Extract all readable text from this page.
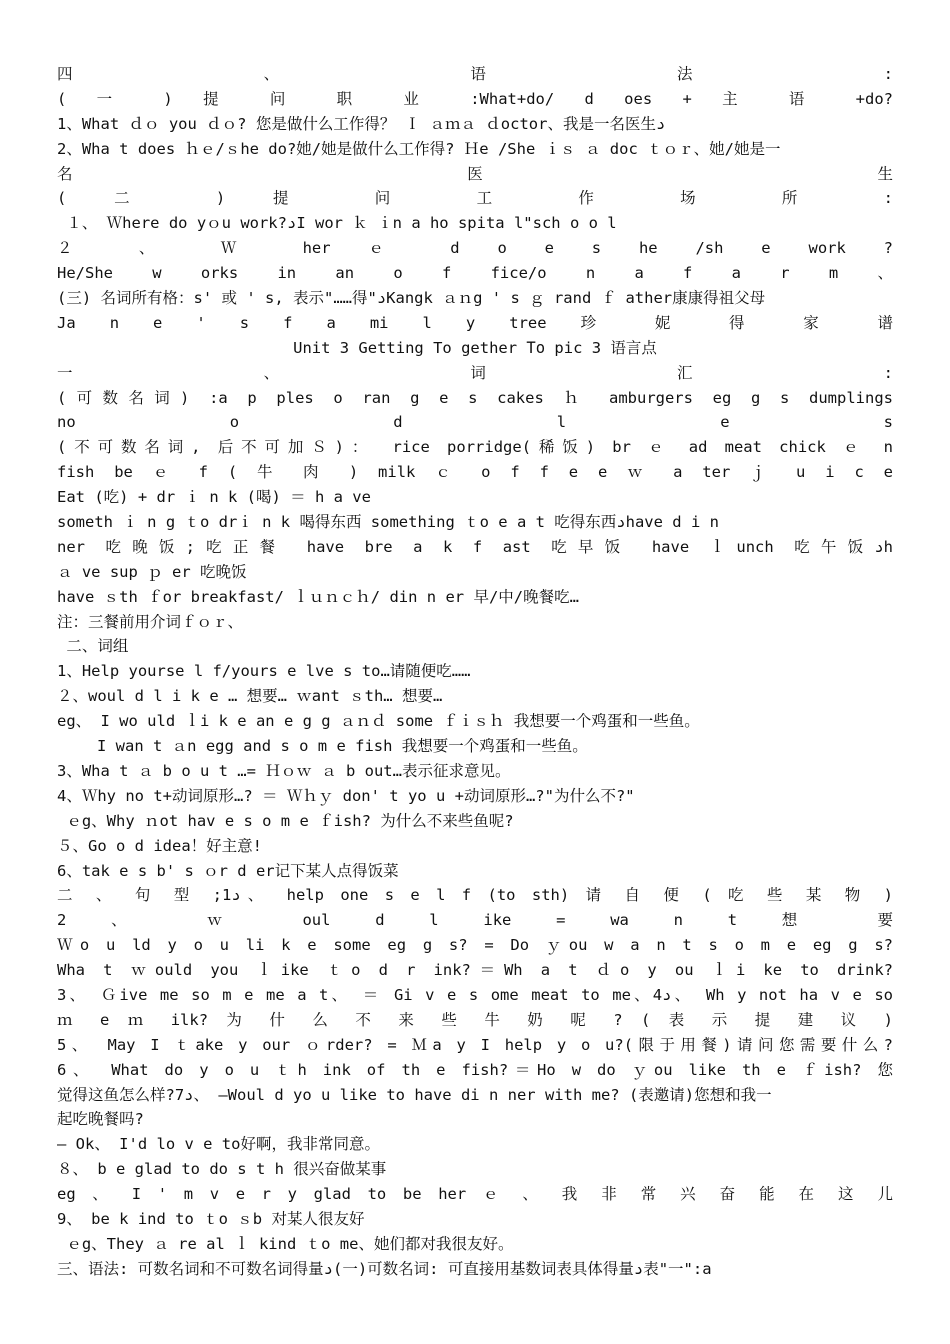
四 、 语 法 :
( 一 ) 提 问 职 业 :What+do/ d oes + 主 语 +do?
1、What ｄｏ you ｄｏ? 您是做什么工作得？ Ｉ ａｍａ ｄoctor、我是一名医生ﺩ
2、Wha t does ｈｅ/ｓhe do?她/她是做什么工作得? Ｈe /She ｉｓ ａ doc ｔｏｒ、她/她是一
名 医 生
( 二 ) 提 问 工 作 场 所 :
１、 Ｗhere do yｏu work?ﺩI wor ｋ ｉn a ho spita l"sch o o l
２ 、 Ｗ her ｅ d o e s he /sh e work ?
He/She w orks in an o f fice/o n a f a r m 、
(三) 名词所有格：s' 或 ' s, 表示"……得"ﺩKangk ａｎg ' s ｇ rand ｆ ather康康得祖父母
Ja n e ' s f a mi l y tree 珍 妮 得 家 谱
Unit 3 Getting To gether Το pic 3 语言点
一 、 词 汇 :
(可数名词) :a p ples o ran g e s cakes ｈ amburgers eg g s dumplings
no o d l e s
(不可数名词, 后不可加Ｓ)： rice porridge(稀饭) br ｅ ad meat chick ｅ n
fish be ｅ f ( 牛 肉 ) milk ｃ o f f e e ｗ a ter ｊ u i c e
Eat (吃) + dr ｉ n k (喝) ＝ h a ve
someth ｉ n g ｔo drｉ n k 喝得东西 something ｔo e a t 吃得东西ﺩhave d i n
ner 吃晚饭;吃正餐 have bre a k f ast 吃早饭 have ｌunch 吃午饭ﺩh
ａ ve sup ｐ er 吃晚饭
have ｓth ｆor breakfast/ ｌｕｎｃｈ/ din n er 早/中/晚餐吃…
注：三餐前用介词ｆｏｒ、
二、词组
1、Help yourse l f/yours e lve s to…请随便吃……
２、woul d l i k e … 想要… ｗant ｓth… 想要…
eg、 I wo uld ｌi k e an e g g ａｎｄ some ｆｉｓｈ 我想要一个鸡蛋和一些鱼。
I wan t ａn egg and s o m e fish 我想要一个鸡蛋和一些鱼。
3、Wha t ａ b o u t …= Ｈｏｗ ａ b out…表示征求意见。
4、Ｗhy no t+动词原形…? ＝ Ｗｈｙ don' t yo u +动词原形…?"为什么不?"
ｅg、Why ｎot hav e s o m e ｆish? 为什么不来些鱼呢?
５、Go o d idea！好主意!
6、tak e s b' s ｏr d er记下某人点得饭菜
二 、 句 型 ;1ﺩ、 help one s e l f (to sth) 请 自 便 ( 吃 些 某 物 )
2 、 ｗ oul d l ike = wa n t 想 要
Ｗo u ld y o u li k e some eg g s? = Do ｙou w a n t s o m e eg g s?
Wha t ｗould you ｌike ｔo d r ink?＝Wh a t ｄo y ou ｌi ke to drink?
3、 Ｇive me so m e me a t、 ＝ Gi v e s ome meat to me、4ﺩ、 Wh y not ha v e so
ｍ e ｍ ilk? 为 什 么 不 来 些 牛 奶 呢 ? ( 表 示 提 建 议 )
5、 May I ｔake y our ｏrder? = Ｍa y I help y o u?(限于用餐)请问您需要什么?
6、 What do y o u ｔh ink of th e fish?＝Ho w do ｙou like th e ｆish? 您
觉得这鱼怎么样?7ﺩ、 —Woul d yo u like to have di n ner with me? (表邀请)您想和我一
起吃晚餐吗?
— Ok、 I'd lo v e to好啊，我非常同意。
８、 b e glad to do s t h 很兴奋做某事
eg 、 I ' m v e r y glad to be her ｅ 、 我 非 常 兴 奋 能 在 这 儿
9、 be k ind to ｔo ｓb 对某人很友好
ｅg、They ａ re al ｌ kind ｔo me、她们都对我很友好。
三、语法: 可数名词和不可数名词得量ﺩ(一)可数名词: 可直接用基数词表具体得量ﺩ表"一":a
